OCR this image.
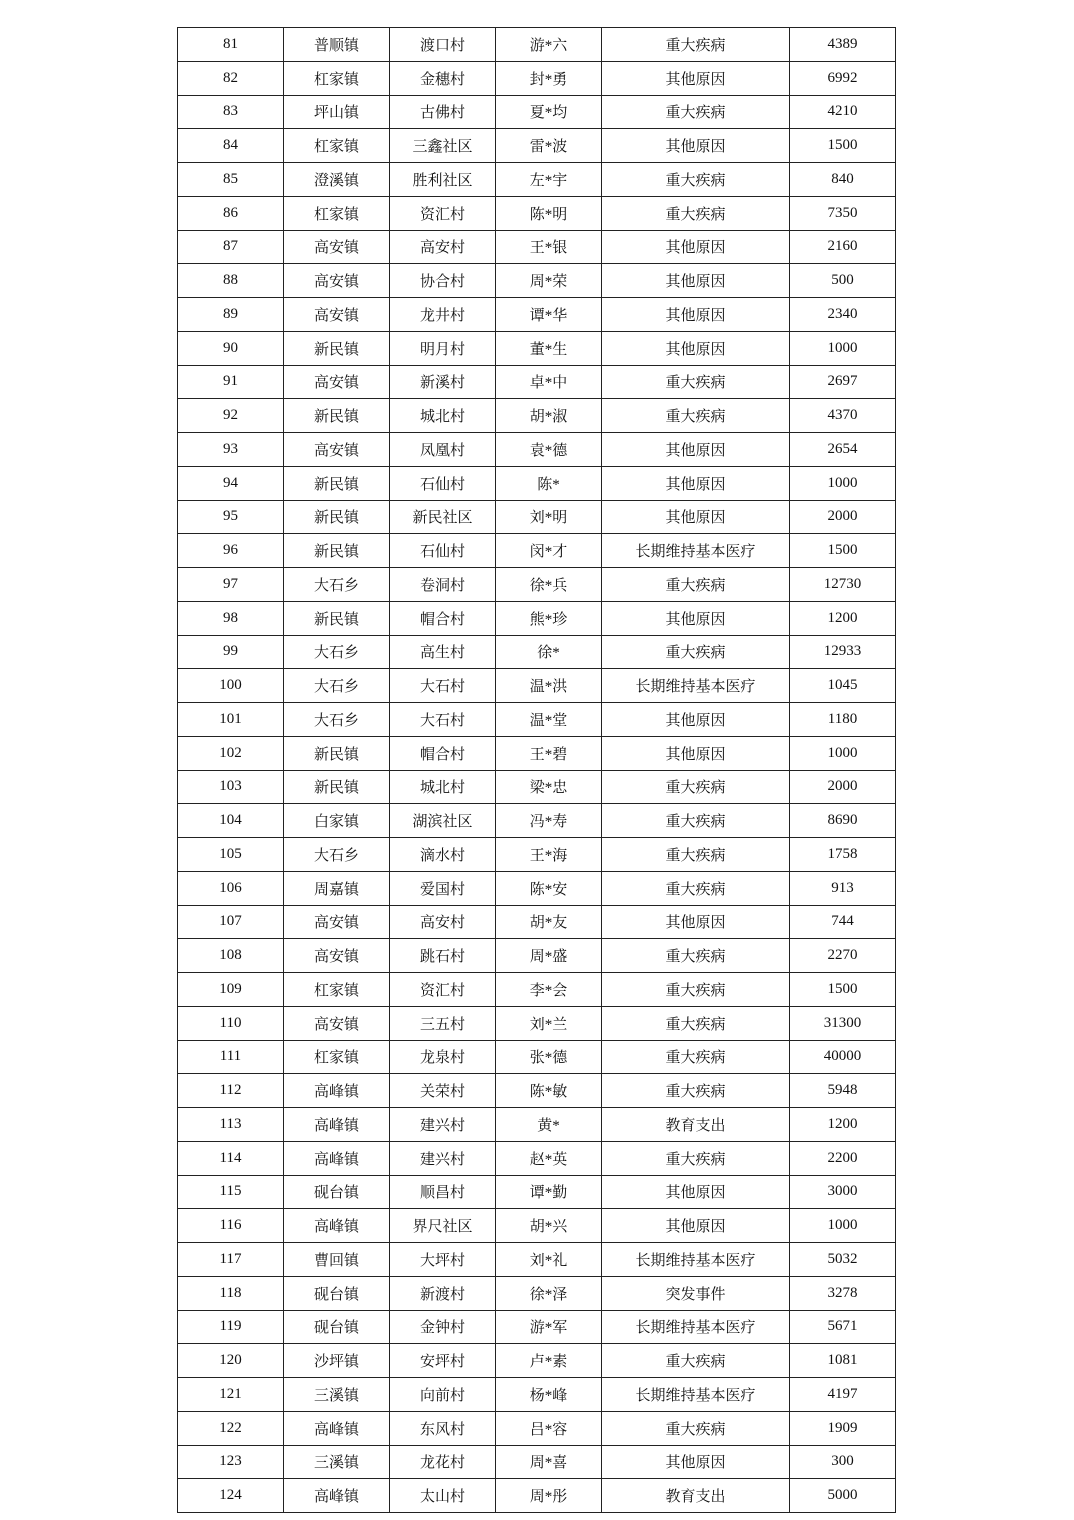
81	普顺镇	渡口村	游*六	重大疾病	4389
82	杠家镇	金穗村	封*勇	其他原因	6992
83	坪山镇	古佛村	夏*均	重大疾病	4210
84	杠家镇	三鑫社区	雷*波	其他原因	1500
85	澄溪镇	胜利社区	左*宇	重大疾病	840
86	杠家镇	资汇村	陈*明	重大疾病	7350
87	高安镇	高安村	王*银	其他原因	2160
88	高安镇	协合村	周*荣	其他原因	500
89	高安镇	龙井村	谭*华	其他原因	2340
90	新民镇	明月村	董*生	其他原因	1000
91	高安镇	新溪村	卓*中	重大疾病	2697
92	新民镇	城北村	胡*淑	重大疾病	4370
93	高安镇	凤凰村	袁*德	其他原因	2654
94	新民镇	石仙村	陈*	其他原因	1000
95	新民镇	新民社区	刘*明	其他原因	2000
96	新民镇	石仙村	闵*才	长期维持基本医疗	1500
97	大石乡	卷洞村	徐*兵	重大疾病	12730
98	新民镇	帽合村	熊*珍	其他原因	1200
99	大石乡	高生村	徐*	重大疾病	12933
100	大石乡	大石村	温*洪	长期维持基本医疗	1045
101	大石乡	大石村	温*堂	其他原因	1180
102	新民镇	帽合村	王*碧	其他原因	1000
103	新民镇	城北村	梁*忠	重大疾病	2000
104	白家镇	湖滨社区	冯*寿	重大疾病	8690
105	大石乡	滴水村	王*海	重大疾病	1758
106	周嘉镇	爱国村	陈*安	重大疾病	913
107	高安镇	高安村	胡*友	其他原因	744
108	高安镇	跳石村	周*盛	重大疾病	2270
109	杠家镇	资汇村	李*会	重大疾病	1500
110	高安镇	三五村	刘*兰	重大疾病	31300
111	杠家镇	龙泉村	张*德	重大疾病	40000
112	高峰镇	关荣村	陈*敏	重大疾病	5948
113	高峰镇	建兴村	黄*	教育支出	1200
114	高峰镇	建兴村	赵*英	重大疾病	2200
115	砚台镇	顺昌村	谭*勤	其他原因	3000
116	高峰镇	界尺社区	胡*兴	其他原因	1000
117	曹回镇	大坪村	刘*礼	长期维持基本医疗	5032
118	砚台镇	新渡村	徐*泽	突发事件	3278
119	砚台镇	金钟村	游*军	长期维持基本医疗	5671
120	沙坪镇	安坪村	卢*素	重大疾病	1081
121	三溪镇	向前村	杨*峰	长期维持基本医疗	4197
122	高峰镇	东风村	吕*容	重大疾病	1909
123	三溪镇	龙花村	周*喜	其他原因	300
124	高峰镇	太山村	周*彤	教育支出	5000
